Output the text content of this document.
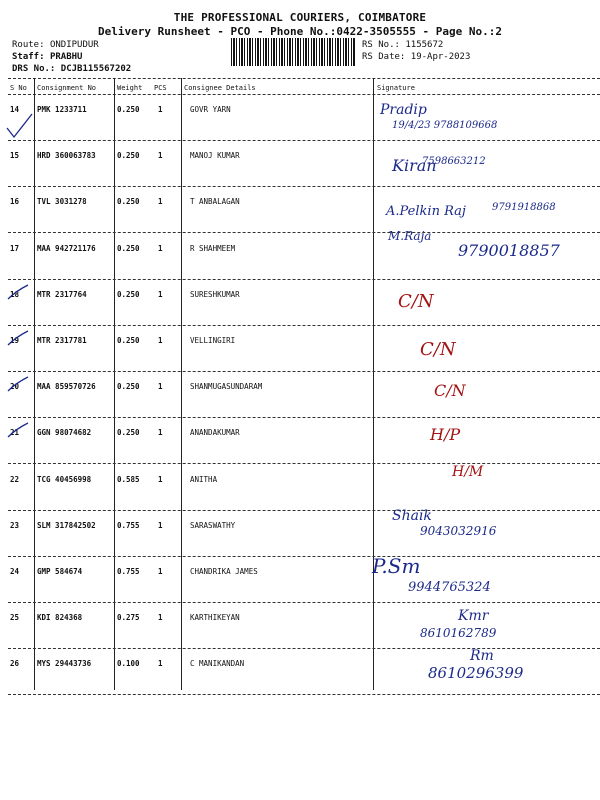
THE PROFESSIONAL COURIERS, COIMBATORE
Delivery Runsheet - PCO - Phone No.:0422-3505555 - Page No.:2
Route: ONDIPUDUR
Staff: PRABHU
DRS No.: DCJB115567202
RS No.: 1155672
RS Date: 19-Apr-2023
S No Consignment No	Weight PCS Consignee Details	Signature
14 PMK 1233711	0.250 1	GOVR YARN	Pradip
19/4/23 9788109668
15 HRD 360063783	0.250 1	MANOJ KUMAR
Kiran
7598663212
16 TVL 3031278	0.250 1	T ANBALAGAN
A.Pelkin Raj	9791918868
17 MAA 942721176	0.250 1	R SHAHMEEM
M.Raja
9790018857
18 MTR 2317764	0.250 1	SURESHKUMAR	C/N
19 MTR 2317781	0.250 1	VELLINGIRI	C/N
20 MAA 859570726	0.250 1	SHANMUGASUNDARAM	C/N
21 GGN 98074682	0.250 1	ANANDAKUMAR	H/P
22 TCG 40456998	0.585 1	ANITHA	H/M
23 SLM 317842502	0.755 1	SARASWATHY
Shaik
9043032916
24 GMP 584674	0.755 1	CHANDRIKA JAMES	P.Sm
9944765324
25 KDI 824368	0.275 1	KARTHIKEYAN	Kmr
8610162789
26 MYS 29443736	0.100 1	C MANIKANDAN	Rm
8610296399
